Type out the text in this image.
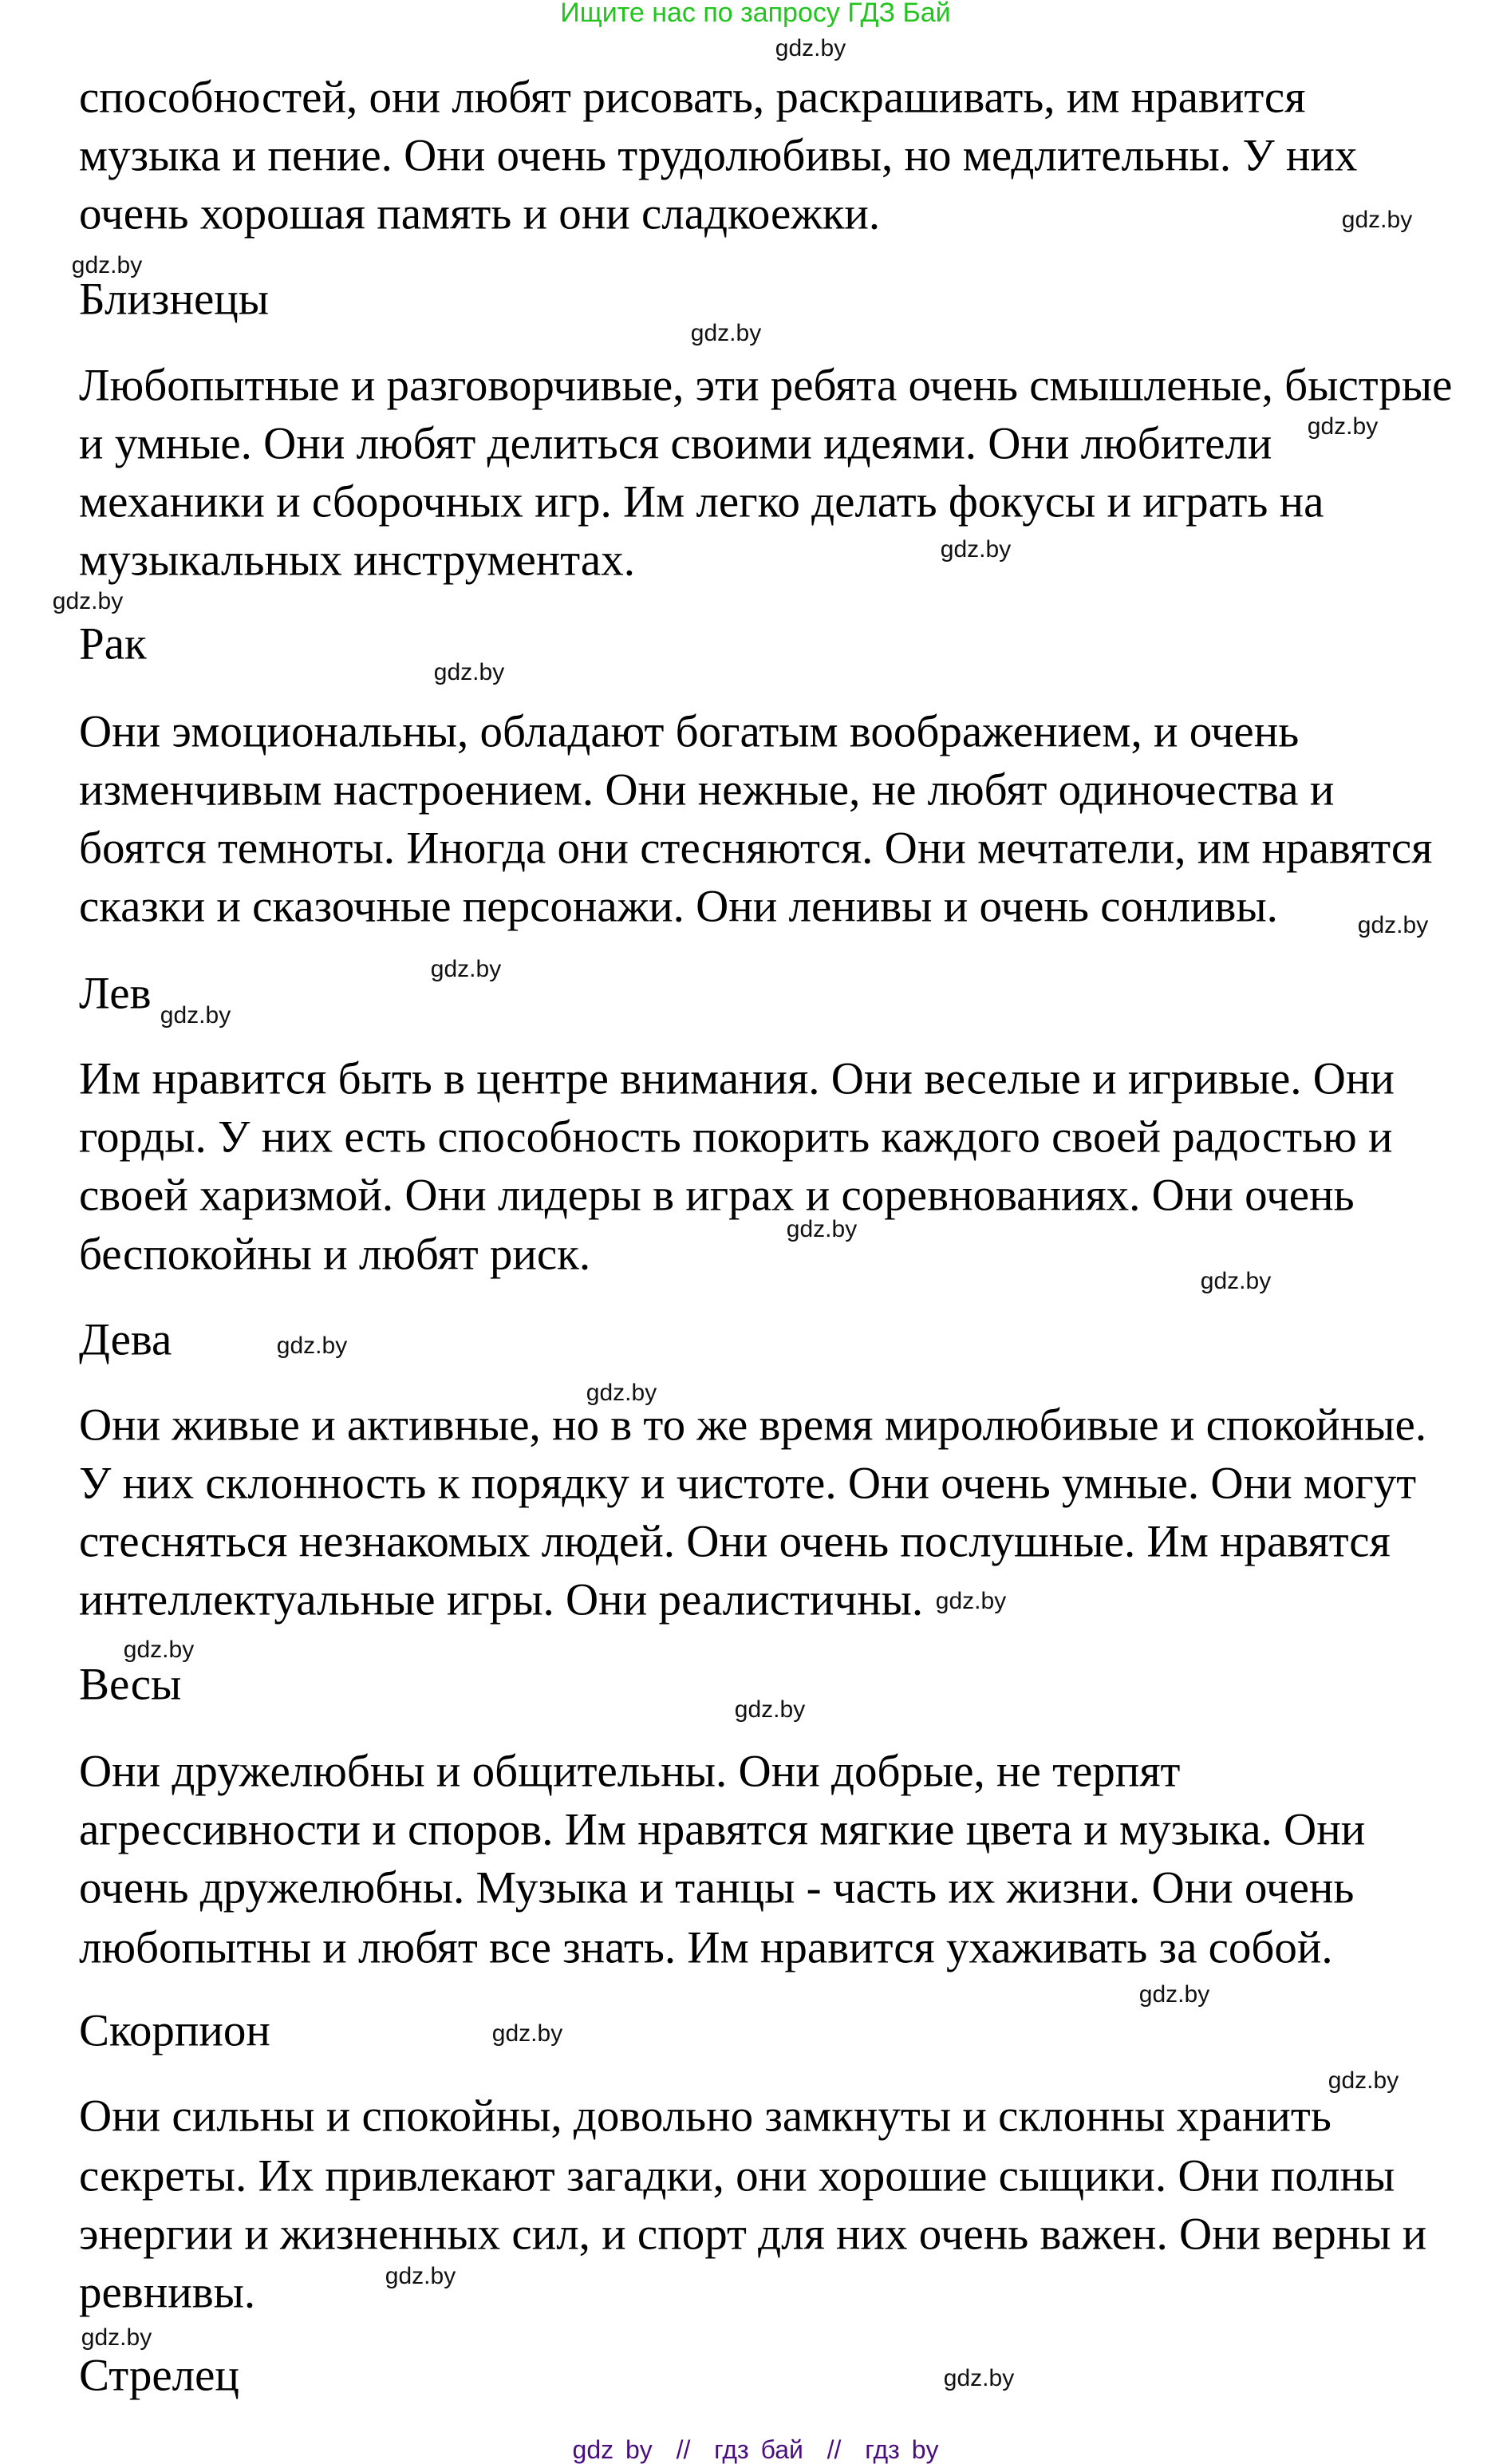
Ищите нас по запросу ГДЗ Бай
gdz.by
способностей, они любят рисовать, раскрашивать, им нравится
музыка и пение. Они очень трудолюбивы, но медлительны. У них
очень хорошая память и они сладкоежки.	gdz.by
gdz.by
Близнецы
gdz.by
Любопытные и разговорчивые, эти ребята очень смышленые, быстрые
и умные. Они любят делиться своими идеями. Они любители gdz.by
механики и сборочных игр. Им легко делать фокусы и играть на
музыкальных инструментах.	gdz.by
gdz.by
Рак
gdz.by
Они эмоциональны, обладают богатым воображением, и очень
изменчивым настроением. Они нежные, не любят одиночества и
боятся темноты. Иногда они стесняются. Они мечтатели, им нравятся
сказки и сказочные персонажи. Они ленивы и очень сонливы.	gdz.by
gdz.by
Лев gdz.by
Им нравится быть в центре внимания. Они веселые и игривые. Они
горды. У них есть способность покорить каждого своей радостью и
своей харизмой. Они лидеры в играх и соревнованиях. Они очень
gdz.by
беспокойны и любят риск.
gdz.by
Дева	gdz.by
gdz.by
Они живые и активные, но в то же время миролюбивые и спокойные.
У них склонность к порядку и чистоте. Они очень умные. Они могут
стесняться незнакомых людей. Они очень послушные. Им нравятся
интеллектуальные игры. Они реалистичны. gdz.by
gdz.by
Весы	gdz.by
Они дружелюбны и общительны. Они добрые, не терпят
агрессивности и споров. Им нравятся мягкие цвета и музыка. Они
очень дружелюбны. Музыка и танцы - часть их жизни. Они очень
любопытны и любят все знать. Им нравится ухаживать за собой.
gdz.by
Скорпион	gdz.by
gdz.by
Они сильны и спокойны, довольно замкнуты и склонны хранить
секреты. Их привлекают загадки, они хорошие сыщики. Они полны
энергии и жизненных сил, и спорт для них очень важен. Они верны и
gdz.by
ревнивы.
gdz.by
Стрелец	gdz.by
gdz by  //  гдз бай  //  гдз by
